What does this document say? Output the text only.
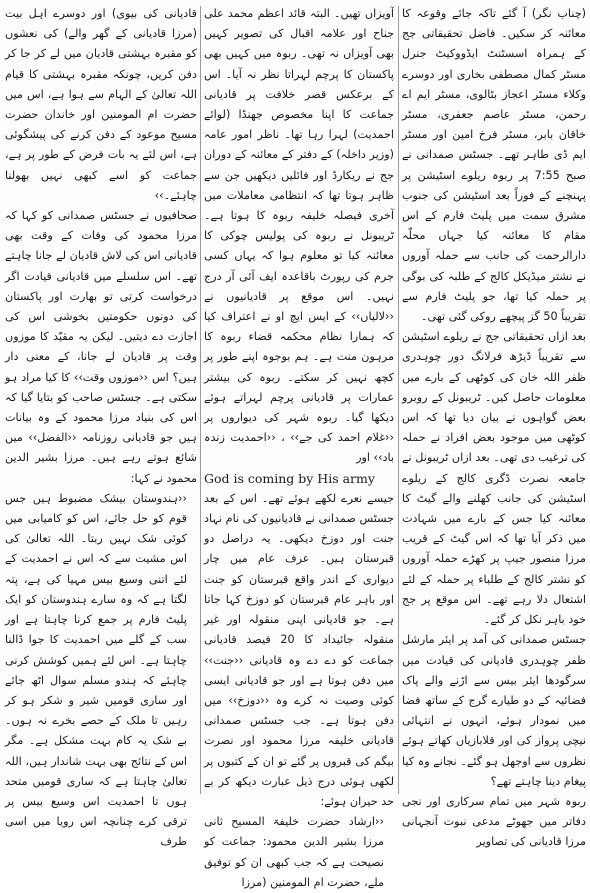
(چناب نگر) آ گئے تاکہ جائے وقوعہ کا معائنہ کر سکیں۔ فاضل تحقیقاتی جج کے ہمراہ اسسٹنٹ ایڈووکیٹ جنرل مسٹر کمال مصطفی بخاری اور دوسرے وکلاء مسٹر اعجاز بٹالوی، مسٹر ایم اے رحمن، مسٹر عاصم جعفری، مسٹر خاقان بابر، مسٹر فرخ امین اور مسٹر ایم ڈی طاہر تھے۔ جسٹس صمدانی نے صبح 7:55 پر ربوہ ریلوے اسٹیشن پر پہنچنے کے فوراً بعد اسٹیشن کی جنوب مشرق سمت میں پلیٹ فارم کے اس مقام کا معائنہ کیا جہاں محلّہ دارالرحمت کی جانب سے حملہ آوروں نے نشتر میڈیکل کالج کے طلبہ کی بوگی پر حملہ کیا تھا، جو پلیٹ فارم سے تقریباً 50 گز پیچھے روکی گئی تھی۔

بعد ازاں تحقیقاتی جج نے ریلوے اسٹیشن سے تقریباً ڈیڑھ فرلانگ دور چوہدری ظفر اللہ خان کی کوٹھی کے بارے میں معلومات حاصل کیں۔ ٹریبونل کے روبرو بعض گواہوں نے بیان دیا تھا کہ اس کوٹھی میں موجود بعض افراد نے حملہ کی ترغیب دی تھی۔ بعد ازاں ٹریبونل نے جامعہ نصرت ڈگری کالج کے ریلوے اسٹیشن کی جانب کھلنے والے گیٹ کا معائنہ کیا جس کے بارے میں شہادت میں ذکر آیا تھا کہ اس گیٹ کے قریب مرزا منصور جیپ پر کھڑے حملہ آوروں کو نشتر کالج کے طلباء پر حملہ کے لئے اشتعال دلا رہے تھے۔ اس موقع پر جج خود باہر نکل کر گئے۔

جسٹس صمدانی کی آمد پر ایئر مارشل ظفر چوہدری قادیانی کی قیادت میں سرگودھا ایئر بیس سے اڑنے والے پاک فضائیہ کے دو طیارے گرج کے ساتھ فضا میں نمودار ہوئے، انہوں نے انتہائی نیچی پرواز کی اور قلابازیاں کھاتے ہوئے نظروں سے اوجھل ہو گئے۔ نجانے وہ کیا پیغام دینا چاہتے تھے؟

ربوہ شہر میں تمام سرکاری اور نجی دفاتر میں جھوٹے مدعی نبوت آنجہانی مرزا قادیانی کی تصاویر

آویزاں تھیں۔ البتہ قائد اعظم محمد علی جناح اور علامہ اقبال کی تصویر کہیں بھی آویزاں نہ تھی۔ ربوہ میں کہیں بھی پاکستان کا پرچم لہراتا نظر نہ آیا۔ اس کے برعکس قصر خلافت پر قادیانی جماعت کا اپنا مخصوص جھنڈا (لوائے احمدیت) لہرا رہا تھا۔ ناظر امور عامہ (وزیر داخلہ) کے دفتر کے معائنہ کے دوران جج نے ریکارڈ اور فائلیں دیکھیں جن سے ظاہر ہوتا تھا کہ انتظامی معاملات میں آخری فیصلہ خلیفہ ربوہ کا ہوتا ہے۔ ٹریبونل نے ربوہ کی پولیس چوکی کا معائنہ کیا تو معلوم ہوا کہ یہاں کسی جرم کی رپورٹ باقاعدہ ایف آئی آر درج نہیں۔ اس موقع پر قادیانیوں نے ‹‹لالیاں›› کے ایس ایچ او نے اعتراف کیا کہ ہمارا نظام محکمہ قضاء ربوہ کا مرہون منت ہے۔ ہم بوجوہ اپنے طور پر کچھ نہیں کر سکتے۔ ربوہ کی بیشتر عمارات پر قادیانی پرچم لہراتے ہوئے دیکھا گیا۔ ربوہ شہر کی دیواروں پر ‹‹غلام احمد کی جے›› ، ‹‹احمدیت زندہ باد›› اور

God is coming by His army

جیسے نعرے لکھے ہوئے تھے۔ اس کے بعد جسٹس صمدانی نے قادیانیوں کی نام نہاد جنت اور دوزخ دیکھی۔ یہ دراصل دو قبرستان ہیں۔ عرف عام میں چار دیواری کے اندر واقع قبرستان کو جنت اور باہر عام قبرستان کو دوزخ کہا جاتا ہے۔ جو قادیانی اپنی منقولہ اور غیر منقولہ جائیداد کا 20 فیصد قادیانی جماعت کو دے دے وہ قادیانی ‹‹جنت›› میں دفن ہوتا ہے اور جو قادیانی ایسی کوئی وصیت نہ کرے وہ ‹‹دوزخ›› میں دفن ہوتا ہے۔ جب جسٹس صمدانی قادیانی خلیفہ مرزا محمود اور نصرت بیگم کی قبروں پر گئے تو ان کے کتبوں پر لکھی ہوئی درج ذیل عبارت دیکھ کر بے حد حیران ہوئے:

‹‹ارشاد حضرت خلیفۃ المسیح ثانی مرزا بشیر الدین محمود: جماعت کو نصیحت ہے کہ جب کبھی ان کو توفیق ملے، حضرت ام المومنین (مرزا

قادیانی کی بیوی) اور دوسرے اہل بیت (مرزا قادیانی کے گھر والے) کی نعشوں کو مقبرہ بہشتی قادیان میں لے کر جا کر دفن کریں، چونکہ مقبرہ بہشتی کا قیام اللہ تعالیٰ کے الہام سے ہوا ہے، اس میں حضرت ام المومنین اور خاندان حضرت مسیح موعود کے دفن کرنے کی پیشگوئی ہے، اس لئے یہ بات فرض کے طور پر ہے، جماعت کو اسے کبھی نہیں بھولنا چاہئے۔››

صحافیوں نے جسٹس صمدانی کو کہا کہ مرزا محمود کی وفات کے وقت بھی قادیانی اس کی لاش قادیان لے جانا چاہتے تھے۔ اس سلسلے میں قادیانی قیادت اگر درخواست کرتی تو بھارت اور پاکستان کی دونوں حکومتیں بخوشی اس کی اجازت دے دیتیں۔ لیکن یہ مقیّد کا موزوں وقت پر قادیان لے جانا، کے معنی دار ہیں؟ اس ‹‹موزوں وقت›› کا کیا مراد ہو سکتی ہے۔ جسٹس صاحب کو بتایا گیا کہ اس کی بنیاد مرزا محمود کے وہ بیانات ہیں جو قادیانی روزنامہ ‹‹الفضل›› میں شائع ہوتے رہے ہیں۔ مرزا بشیر الدین محمود نے کہا:

‹‹ہندوستان بیشک مضبوط ہیں جس قوم کو حل جائے، اس کو کامیابی میں کوئی شک نہیں ربتا۔ اللہ تعالیٰ کی اس مشیت سے کہ اس نے احمدیت کے لئے اتنی وسیع بیس مہیا کی ہے، پتہ لگتا ہے کہ وہ سارے ہندوستان کو ایک پلیٹ فارم پر جمع کرنا چاہتا ہے اور سب کے گلے میں احمدیت کا جوا ڈالنا چاہتا ہے۔ اس لئے ہمیں کوشش کرنی چاہئے کہ ہندو مسلم سوال اٹھ جائے اور ساری قومیں شیر و شکر ہو کر رہیں تا ملک کے حصے بخرے نہ ہوں۔ بے شک یہ کام بہت مشکل ہے۔ مگر اس کے نتائج بھی بہت شاندار ہیں، اللہ تعالیٰ چاہتا ہے کہ ساری قومیں متحد ہوں تا احمدیت اس وسیع بیس پر ترقی کرے چنانچہ اس رویا میں اسی طرف
